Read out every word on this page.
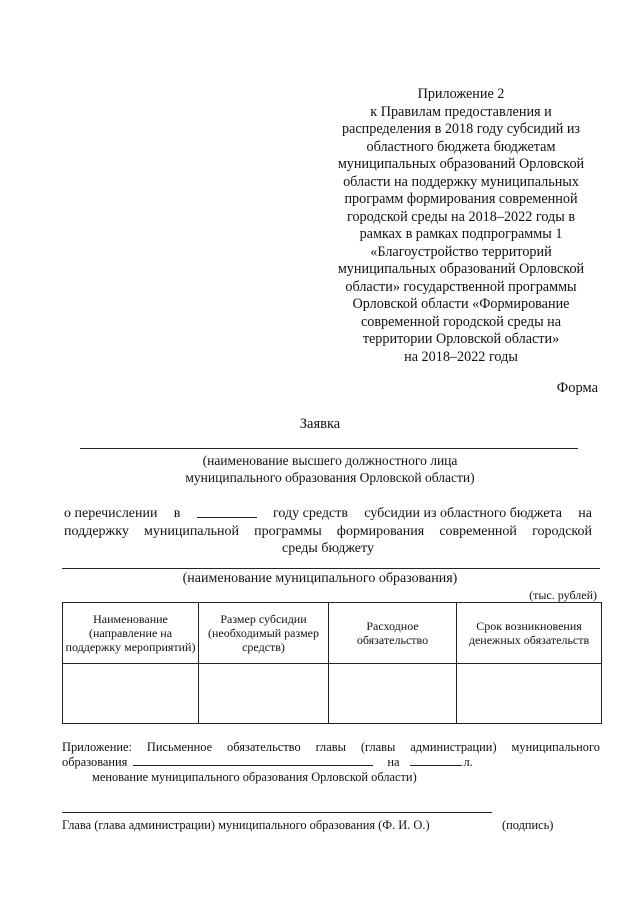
Приложение 2
к Правилам предоставления и
распределения в 2018 году субсидий из
областного бюджета бюджетам
муниципальных образований Орловской
области на поддержку муниципальных
программ формирования современной
городской среды на 2018–2022 годы в
рамках в рамках подпрограммы 1
«Благоустройство территорий
муниципальных образований Орловской
области» государственной программы
Орловской области «Формирование
современной городской среды на
территории Орловской области»
на 2018–2022 годы
Форма
Заявка
(наименование высшего должностного лица
муниципального образования Орловской области)
о перечислении в	году средств субсидии из областного бюджета на
поддержку муниципальной программы формирования современной городской
среды бюджету
(наименование муниципального образования)
(тыс. рублей)
Наименование (направление на поддержку мероприятий)	Размер субсидии (необходимый размер средств)	Расходное обязательство	Срок возникновения денежных обязательств

Приложение: Письменное обязательство главы (главы администрации) муниципального
образования	на	л.
менование муниципального образования Орловской области)
Глава (глава администрации) муниципального образования (Ф. И. О.)	(подпись)
